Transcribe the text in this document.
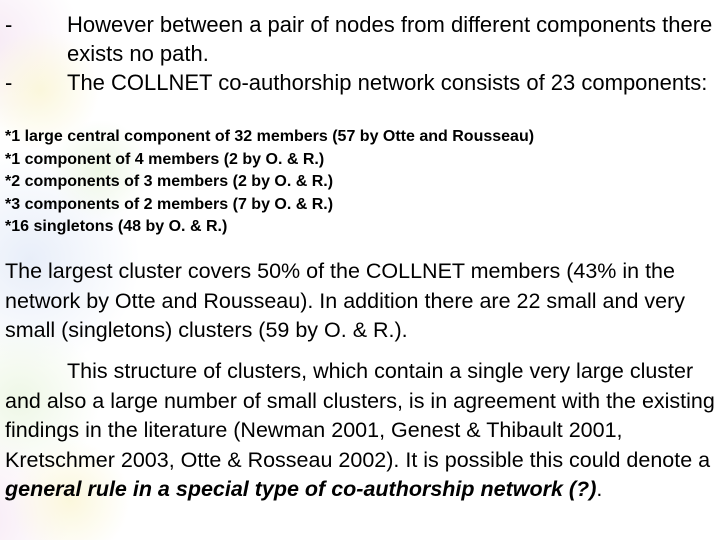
- However between a pair of nodes from different components there exists no path.
- The COLLNET co-authorship network consists of 23 components:
*1 large central component of 32 members (57 by Otte and Rousseau)
*1 component of 4 members (2 by O. & R.)
*2 components of 3 members (2 by O. & R.)
*3 components of 2 members (7 by O. & R.)
*16 singletons (48 by O. & R.)
The largest cluster covers 50% of the COLLNET members (43% in the network by Otte and Rousseau). In addition there are 22 small and very small (singletons) clusters (59 by O. & R.).
This structure of clusters, which contain a single very large cluster and also a large number of small clusters, is in agreement with the existing findings in the literature (Newman 2001, Genest & Thibault 2001, Kretschmer 2003, Otte & Rosseau 2002). It is possible this could denote a general rule in a special type of co-authorship network (?).
